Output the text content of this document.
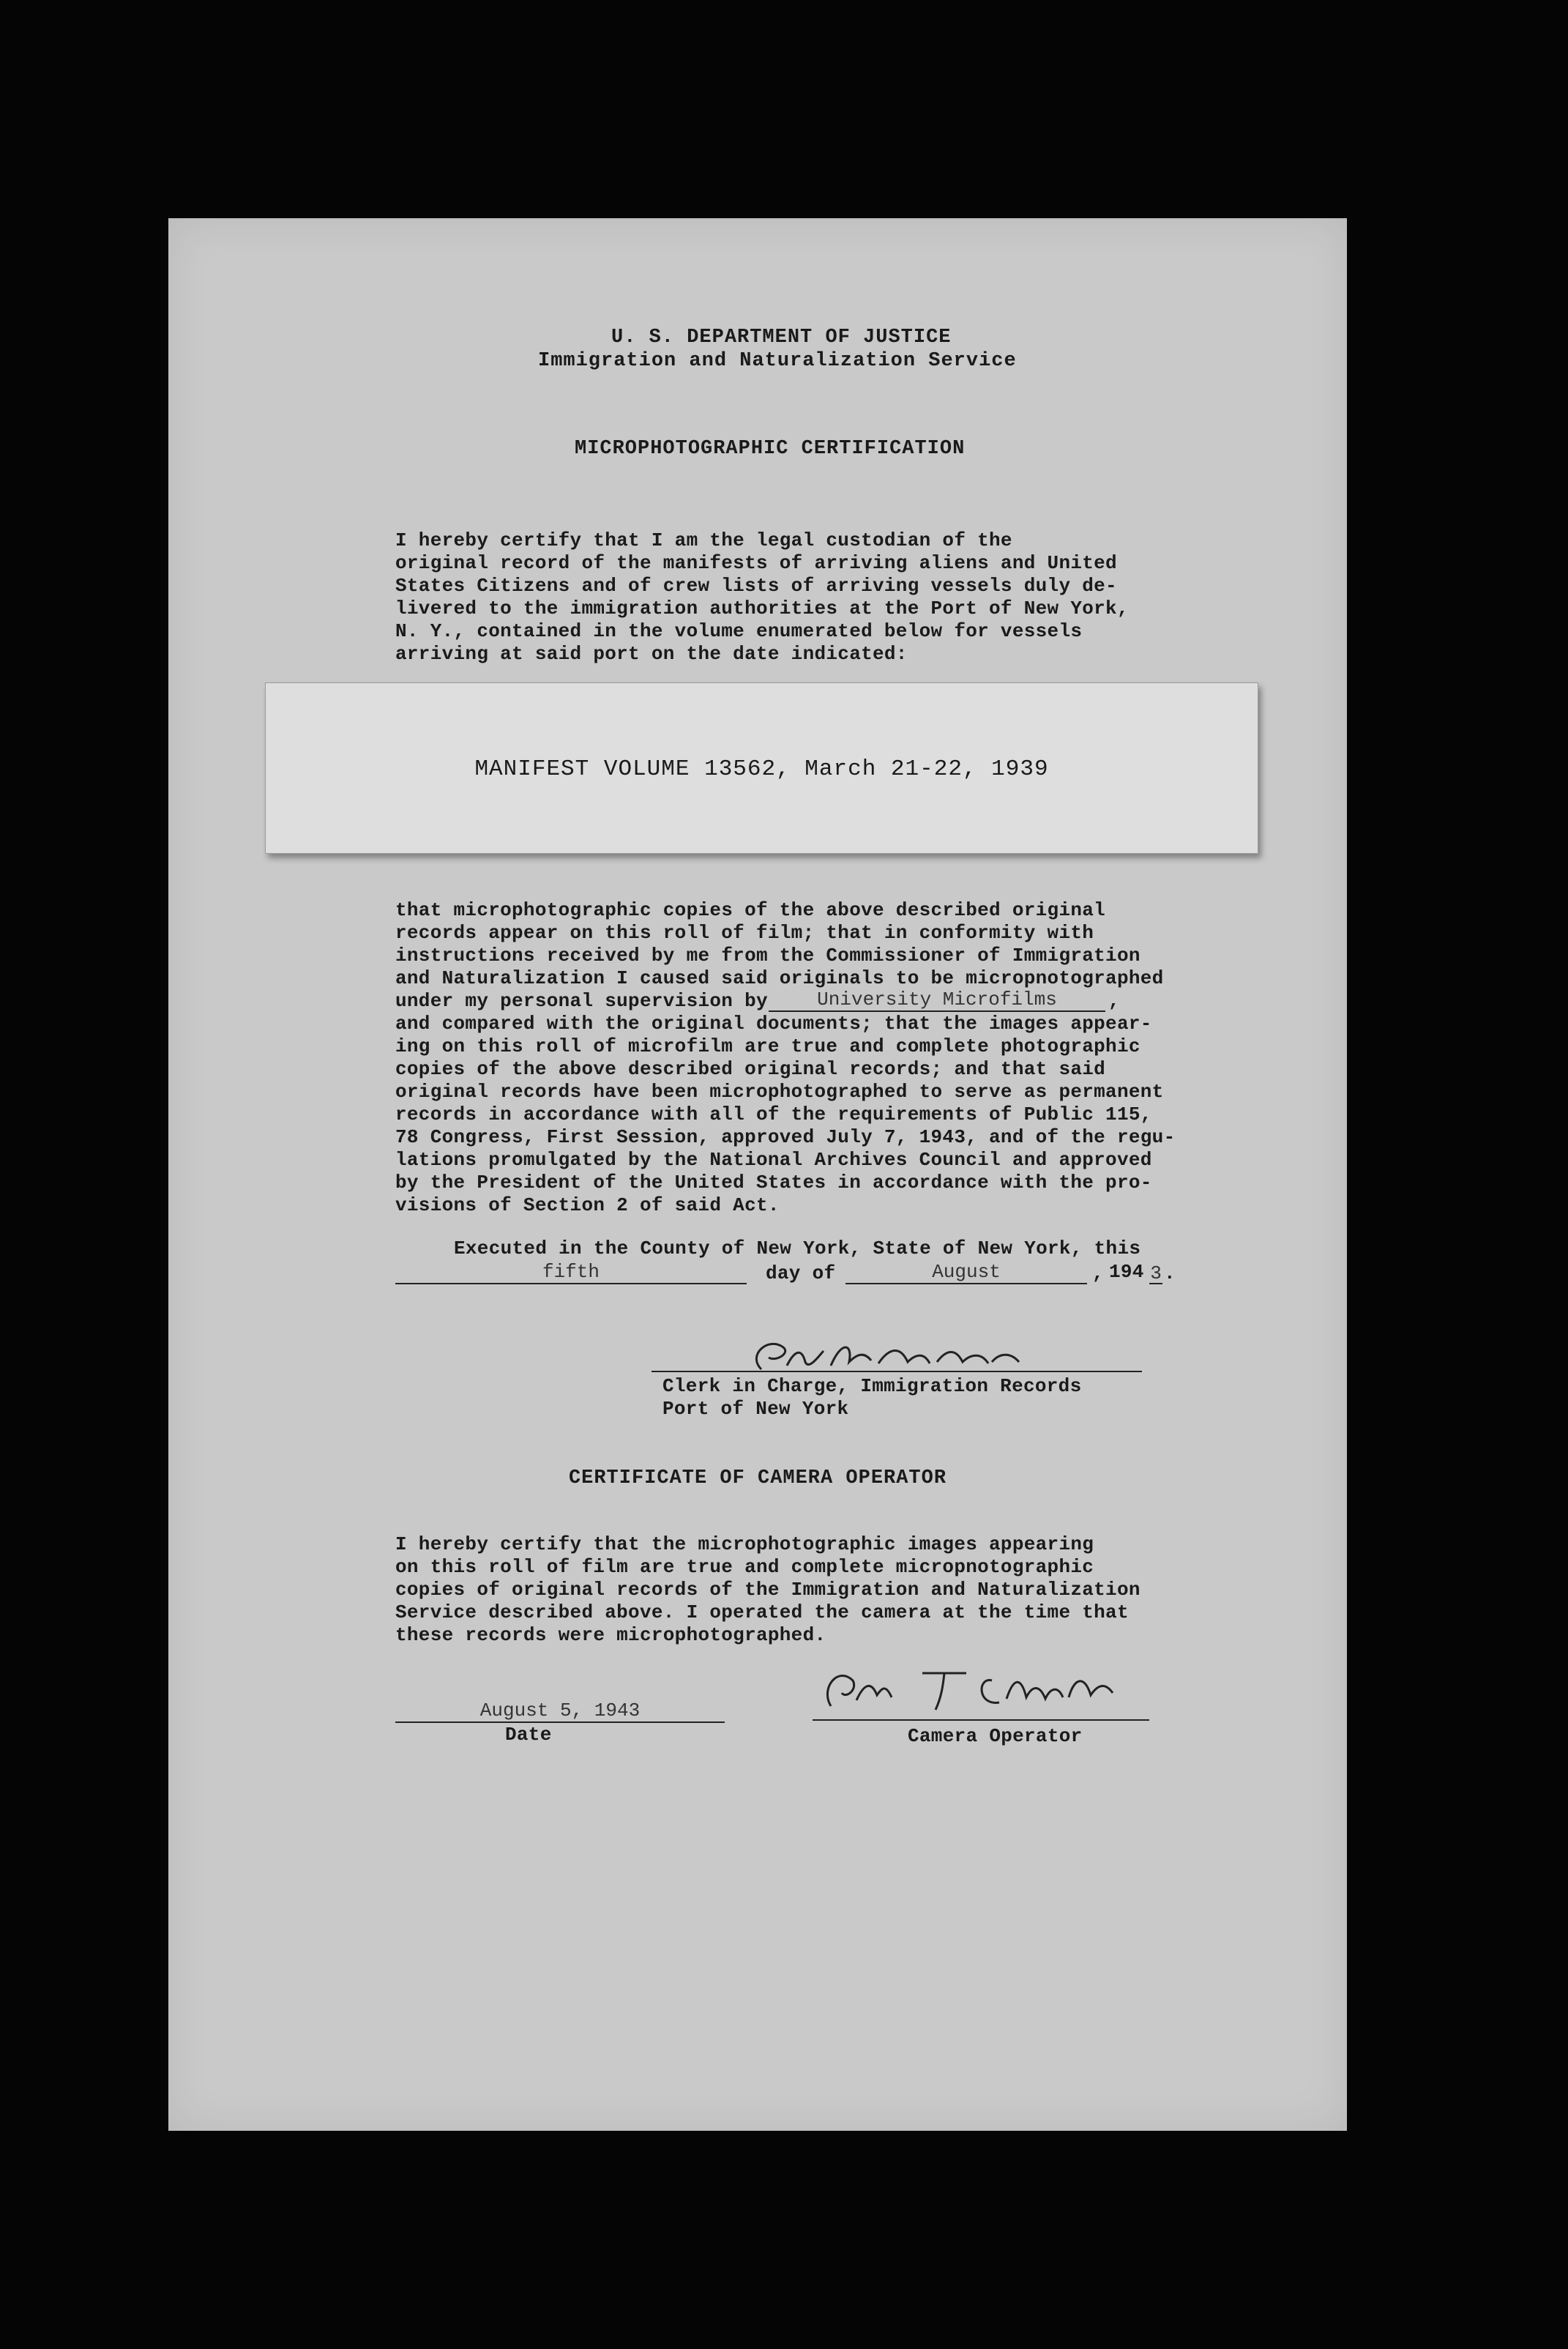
U. S. DEPARTMENT OF JUSTICE
Immigration and Naturalization Service
MICROPHOTOGRAPHIC CERTIFICATION
I hereby certify that I am the legal custodian of the
original record of the manifests of arriving aliens and United
States Citizens and of crew lists of arriving vessels duly de-
livered to the immigration authorities at the Port of New York,
N. Y., contained in the volume enumerated below for vessels
arriving at said port on the date indicated:
that microphotographic copies of the above described original
records appear on this roll of film; that in conformity with
instructions received by me from the Commissioner of Immigration
and Naturalization I caused said originals to be micropnotographed
under my personal supervision by	University Microfilms	,
and compared with the original documents; that the images appear-
ing on this roll of microfilm are true and complete photographic
copies of the above described original records; and that said
original records have been microphotographed to serve as permanent
records in accordance with all of the requirements of Public 115,
78 Congress, First Session, approved July 7, 1943, and of the regu-
lations promulgated by the National Archives Council and approved
by the President of the United States in accordance with the pro-
visions of Section 2 of said Act.
Executed in the County of New York, State of New York, this
fifth	day of	August	, 194 3 .
Clerk in Charge, Immigration Records
Port of New York
CERTIFICATE OF CAMERA OPERATOR
I hereby certify that the microphotographic images appearing
on this roll of film are true and complete micropnotographic
copies of original records of the Immigration and Naturalization
Service described above. I operated the camera at the time that
these records were microphotographed.
August 5, 1943
Date	Camera Operator
MANIFEST VOLUME 13562, March 21-22, 1939
